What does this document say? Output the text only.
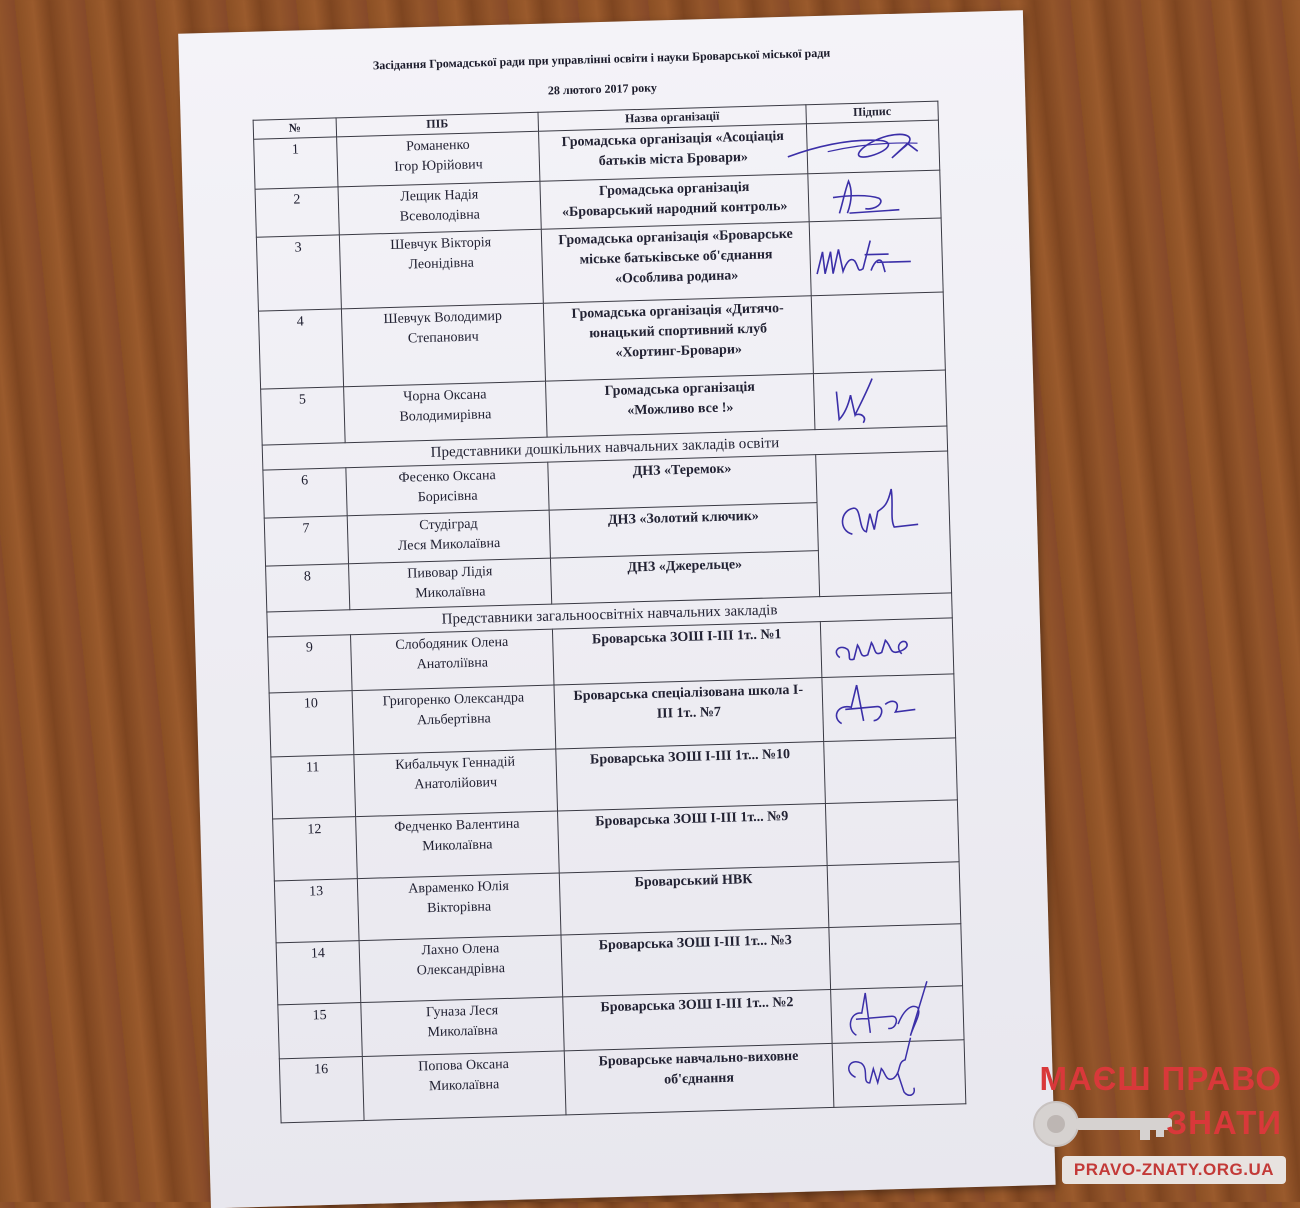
Засідання Громадської ради при управлінні освіти і науки Броварської міської ради
28 лютого 2017 року
№	ПІБ	Назва організації	Підпис
1	Романенко
Ігор Юрійович	Громадська організація «Асоціація
батьків міста Бровари»	

2	Лещик Надія
Всеволодівна	Громадська організація
«Броварський народний контроль»	

3	Шевчук Вікторія
Леонідівна	Громадська організація «Броварське
міське батьківське об'єднання
«Особлива родина»	

4	Шевчук Володимир
Степанович	Громадська організація «Дитячо-
юнацький спортивний клуб
«Хортинг-Бровари»	
5	Чорна Оксана
Володимирівна	Громадська організація
«Можливо все !»	

Представники дошкільних навчальних закладів освіти			
6	Фесенко Оксана
Борисівна	ДНЗ «Теремок»	

7	Студіград
Леся Миколаївна	ДНЗ «Золотий ключик»	
8	Пивовар Лідія
Миколаївна	ДНЗ «Джерельце»	
Представники загальноосвітніх навчальних закладів			
9	Слободяник Олена
Анатоліївна	Броварська ЗОШ І-ІІІ 1т.. №1	

10	Григоренко Олександра
Альбертівна	Броварська спеціалізована школа І-
ІІІ 1т.. №7	

11	Кибальчук Геннадій
Анатолійович	Броварська ЗОШ І-ІІІ 1т... №10	
12	Федченко Валентина
Миколаївна	Броварська ЗОШ І-ІІІ 1т... №9	
13	Авраменко Юлія
Вікторівна	Броварський НВК	
14	Лахно Олена
Олександрівна	Броварська ЗОШ І-ІІІ 1т... №3	
15	Гуназа Леся
Миколаївна	Броварська ЗОШ І-ІІІ 1т... №2	

16	Попова Оксана
Миколаївна	Броварське навчально-виховне
об'єднання		МАЄШ ПРАВО
ЗНАТИ
PRAVO-ZNATY.ORG.UA
